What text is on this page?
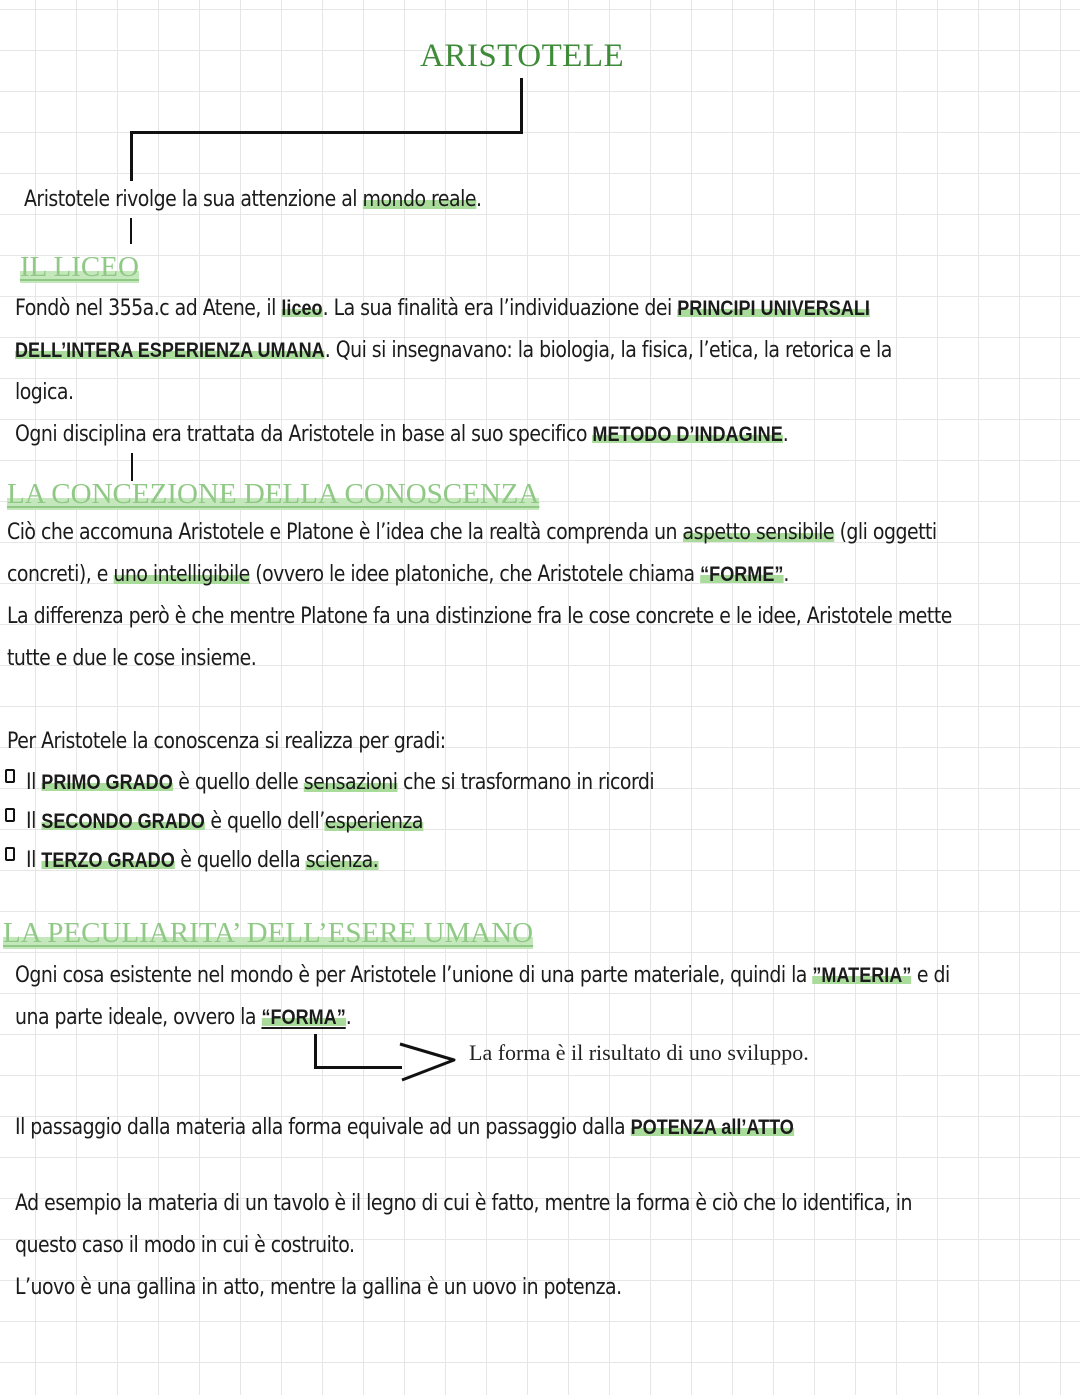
ARISTOTELE
Aristotele rivolge la sua attenzione al mondo reale.
IL LICEO
Fondò nel 355a.c ad Atene, il liceo. La sua finalità era l’individuazione dei PRINCIPI UNIVERSALI
DELL’INTERA ESPERIENZA UMANA. Qui si insegnavano: la biologia, la fisica, l’etica, la retorica e la
logica.
Ogni disciplina era trattata da Aristotele in base al suo specifico METODO D’INDAGINE.
LA CONCEZIONE DELLA CONOSCENZA
Ciò che accomuna Aristotele e Platone è l’idea che la realtà comprenda un aspetto sensibile (gli oggetti
concreti), e uno intelligibile (ovvero le idee platoniche, che Aristotele chiama “FORME”.
La differenza però è che mentre Platone fa una distinzione fra le cose concrete e le idee, Aristotele mette
tutte e due le cose insieme.
Per Aristotele la conoscenza si realizza per gradi:
Il PRIMO GRADO è quello delle sensazioni che si trasformano in ricordi
Il SECONDO GRADO è quello dell’esperienza
Il TERZO GRADO è quello della scienza.
LA PECULIARITA’ DELL’ESERE UMANO
Ogni cosa esistente nel mondo è per Aristotele l’unione di una parte materiale, quindi la ”MATERIA” e di
una parte ideale, ovvero la “FORMA”.
La forma è il risultato di uno sviluppo.
Il passaggio dalla materia alla forma equivale ad un passaggio dalla POTENZA all’ATTO
Ad esempio la materia di un tavolo è il legno di cui è fatto, mentre la forma è ciò che lo identifica, in
questo caso il modo in cui è costruito.
L’uovo è una gallina in atto, mentre la gallina è un uovo in potenza.
